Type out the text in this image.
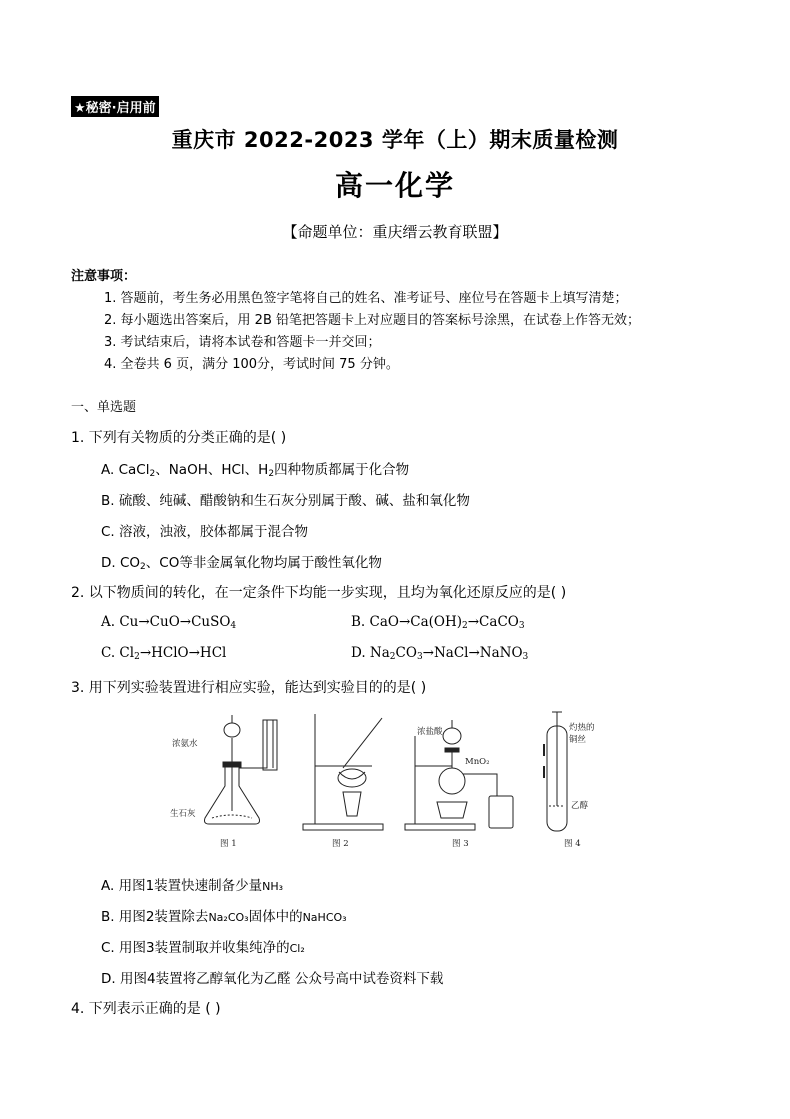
★秘密·启用前
重庆市 2022-2023 学年（上）期末质量检测
高一化学
【命题单位：重庆缙云教育联盟】
注意事项：
1. 答题前，考生务必用黑色签字笔将自己的姓名、准考证号、座位号在答题卡上填写清楚；
2. 每小题选出答案后，用 2B 铅笔把答题卡上对应题目的答案标号涂黑，在试卷上作答无效；
3. 考试结束后，请将本试卷和答题卡一并交回；
4. 全卷共 6 页，满分 100分，考试时间 75 分钟。
一、单选题
1. 下列有关物质的分类正确的是( )
A. CaCl$_2$、NaOH、HCl、$H_2$四种物质都属于化合物
B. 硫酸、纯碱、醋酸钠和生石灰分别属于酸、碱、盐和氧化物
C. 溶液，浊液，胶体都属于混合物
D. $CO_2$、CO等非金属氧化物均属于酸性氧化物
2. 以下物质间的转化，在一定条件下均能一步实现，且均为氧化还原反应的是( )
A. Cu→CuO→CuSO$_4$	B. $CaO\to Ca(OH)_2\to CaCO_3$
C. $Cl_2\to HClO\to HCl$	D. $Na_2CO_3\to NaCl\to NaNO_3$
3. 用下列实验装置进行相应实验，能达到实验目的的是( )
浓氨水
生石灰
浓盐酸
MnO₂
灼热的
铜丝
乙醇
图 1	图 2	图 3	图 4
A. 用图1装置快速制备少量NH₃
B. 用图2装置除去Na₂CO₃固体中的NaHCO₃
C. 用图3装置制取并收集纯净的Cl₂
D. 用图4装置将乙醇氧化为乙醛 公众号高中试卷资料下载
4. 下列表示正确的是 ( )
